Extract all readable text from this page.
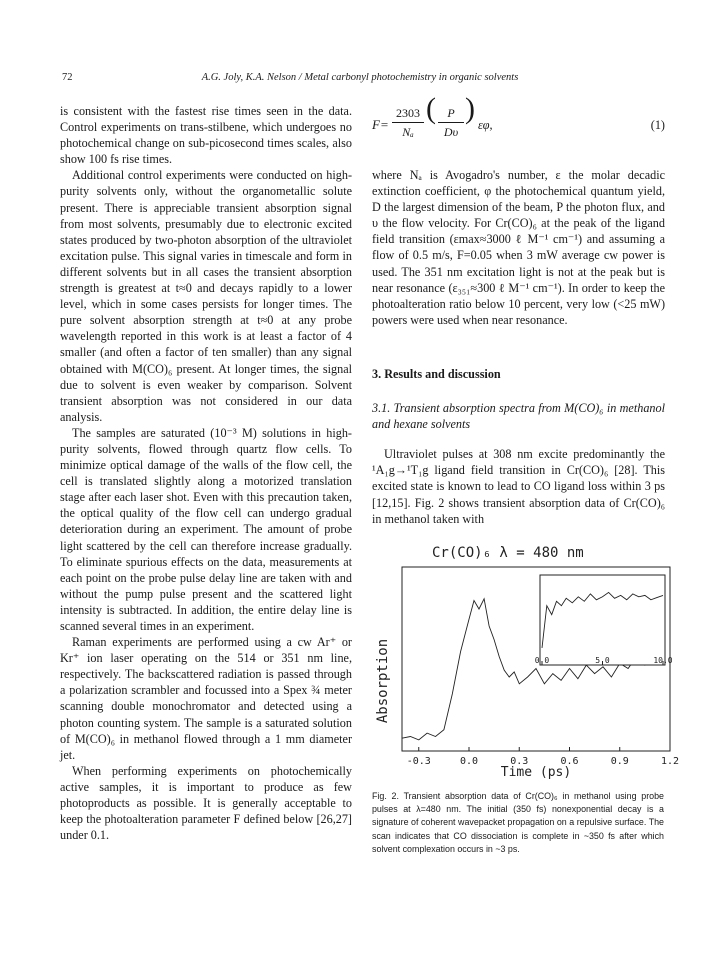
72	A.G. Joly, K.A. Nelson / Metal carbonyl photochemistry in organic solvents

is consistent with the fastest rise times seen in the data. Control experiments on trans-stilbene, which undergoes no photochemical change on sub-picosecond times scales, also show 100 fs rise times.

Additional control experiments were conducted on high-purity solvents only, without the organometallic solute present. There is appreciable transient absorption signal from most solvents, presumably due to electronic excited states produced by two-photon absorption of the ultraviolet excitation pulse. This signal varies in timescale and form in different solvents but in all cases the transient absorption strength is greatest at t≈0 and decays rapidly to a lower level, which in some cases persists for longer times. The pure solvent absorption strength at t≈0 at any probe wavelength reported in this work is at least a factor of 4 smaller (and often a factor of ten smaller) than any signal obtained with M(CO)₆ present. At longer times, the signal due to solvent is even weaker by comparison. Solvent transient absorption was not considered in our data analysis.

The samples are saturated (10⁻³ M) solutions in high-purity solvents, flowed through quartz flow cells. To minimize optical damage of the walls of the flow cell, the cell is translated slightly along a motorized translation stage after each laser shot. Even with this precaution taken, the optical quality of the flow cell can undergo gradual deterioration during an experiment. The amount of probe light scattered by the cell can therefore increase gradually. To eliminate spurious effects on the data, measurements at each point on the probe pulse delay line are taken with and without the pump pulse present and the scattered light intensity is subtracted. In addition, the entire delay line is scanned several times in an experiment.

Raman experiments are performed using a cw Ar⁺ or Kr⁺ ion laser operating on the 514 or 351 nm line, respectively. The backscattered radiation is passed through a polarization scrambler and focussed into a Spex ¾ meter scanning double monochromator and detected using a photon counting system. The sample is a saturated solution of M(CO)₆ in methanol flowed through a 1 mm diameter jet.

When performing experiments on photochemically active samples, it is important to produce as few photoproducts as possible. It is generally acceptable to keep the photoalteration parameter F defined below [26,27] under 0.1.

F=
2303
Nₐ
( P
Dυ
) εφ,	(1)

where Nₐ is Avogadro's number, ε the molar decadic extinction coefficient, φ the photochemical quantum yield, D the largest dimension of the beam, P the photon flux, and υ the flow velocity. For Cr(CO)₆ at the peak of the ligand field transition (εmax≈3000 ℓ M⁻¹ cm⁻¹) and assuming a flow of 0.5 m/s, F=0.05 when 3 mW average cw power is used. The 351 nm excitation light is not at the peak but is near resonance (ε₃₅₁≈300 ℓ M⁻¹ cm⁻¹). In order to keep the photoalteration ratio below 10 percent, very low (<25 mW) powers were used when near resonance.

3. Results and discussion

3.1. Transient absorption spectra from M(CO)₆ in methanol and hexane solvents

Ultraviolet pulses at 308 nm excite predominantly the ¹A₁g→¹T₁g ligand field transition in Cr(CO)₆ [28]. This excited state is known to lead to CO ligand loss within 3 ps [12,15]. Fig. 2 shows transient absorption data of Cr(CO)₆ in methanol taken with

Cr(CO)₆ λ = 480 nm
Absorption
-0.3	0.0	0.3	0.6	0.9	1.2
0.0	5.0	10.0
Time (ps)
Fig. 2. Transient absorption data of Cr(CO)₆ in methanol using probe pulses at λ=480 nm. The initial (350 fs) nonexponential decay is a signature of coherent wavepacket propagation on a repulsive surface. The scan indicates that CO dissociation is complete in ~350 fs after which solvent complexation occurs in ~3 ps.
